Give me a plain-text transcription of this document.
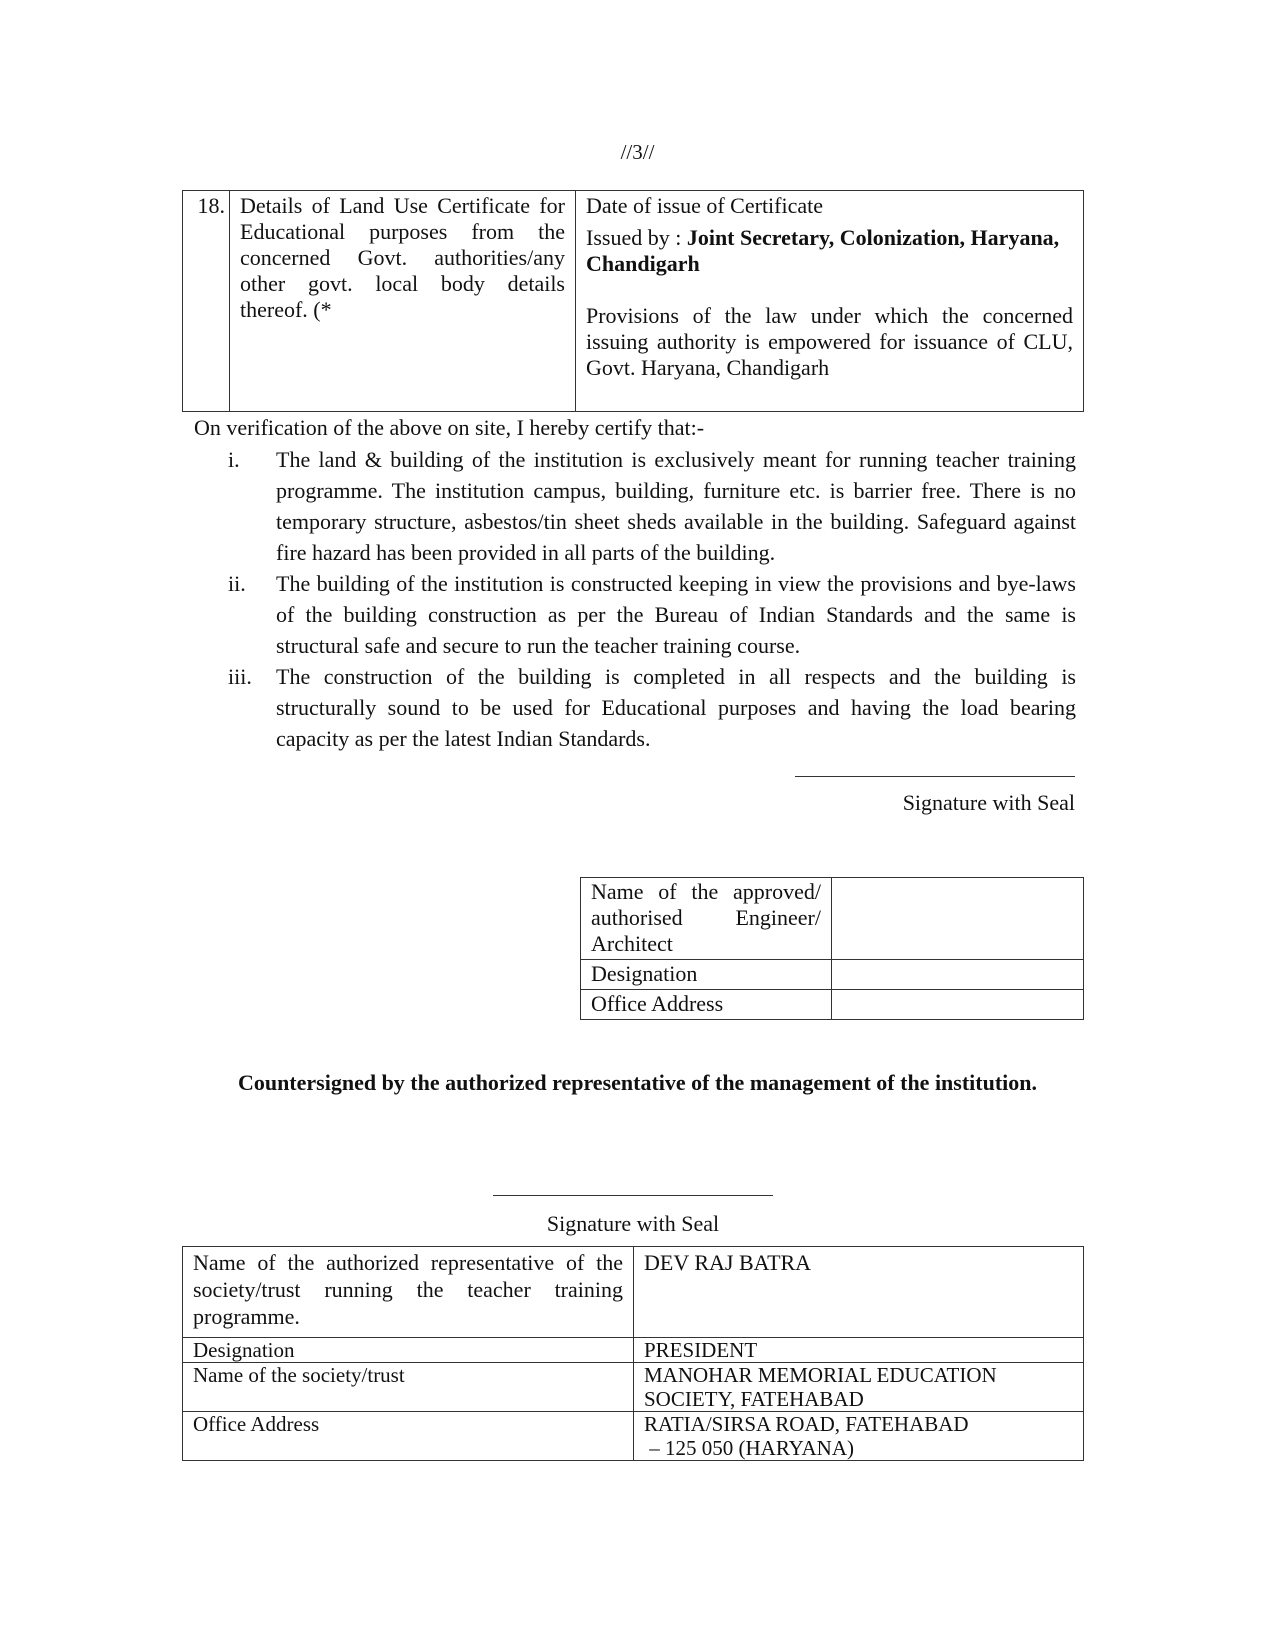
//3//
18.	Details of Land Use Certificate for Educational purposes from the concerned Govt. authorities/any other govt. local body details thereof. (*	
Date of issue of Certificate
Issued by : Joint Secretary, Colonization, Haryana, Chandigarh
Provisions of the law under which the concerned issuing authority is empowered for issuance of CLU, Govt. Haryana, Chandigarh
On verification of the above on site, I hereby certify that:-
i.	The land & building of the institution is exclusively meant for running teacher training programme. The institution campus, building, furniture etc. is barrier free. There is no temporary structure, asbestos/tin sheet sheds available in the building. Safeguard against fire hazard has been provided in all parts of the building.
ii.	The building of the institution is constructed keeping in view the provisions and bye-laws of the building construction as per the Bureau of Indian Standards and the same is structural safe and secure to run the teacher training course.
iii.	The construction of the building is completed in all respects and the building is structurally sound to be used for Educational purposes and having the load bearing capacity as per the latest Indian Standards.
Signature with Seal
Name of the approved/ authorised Engineer/ Architect	
Designation	
Office Address	
Countersigned by the authorized representative of the management of the institution.
Signature with Seal
Name of the authorized representative of the society/trust running the teacher training programme.	DEV RAJ BATRA
Designation	PRESIDENT
Name of the society/trust	MANOHAR MEMORIAL EDUCATION
SOCIETY, FATEHABAD

Office Address	RATIA/SIRSA ROAD, FATEHABAD
– 125 050 (HARYANA)
